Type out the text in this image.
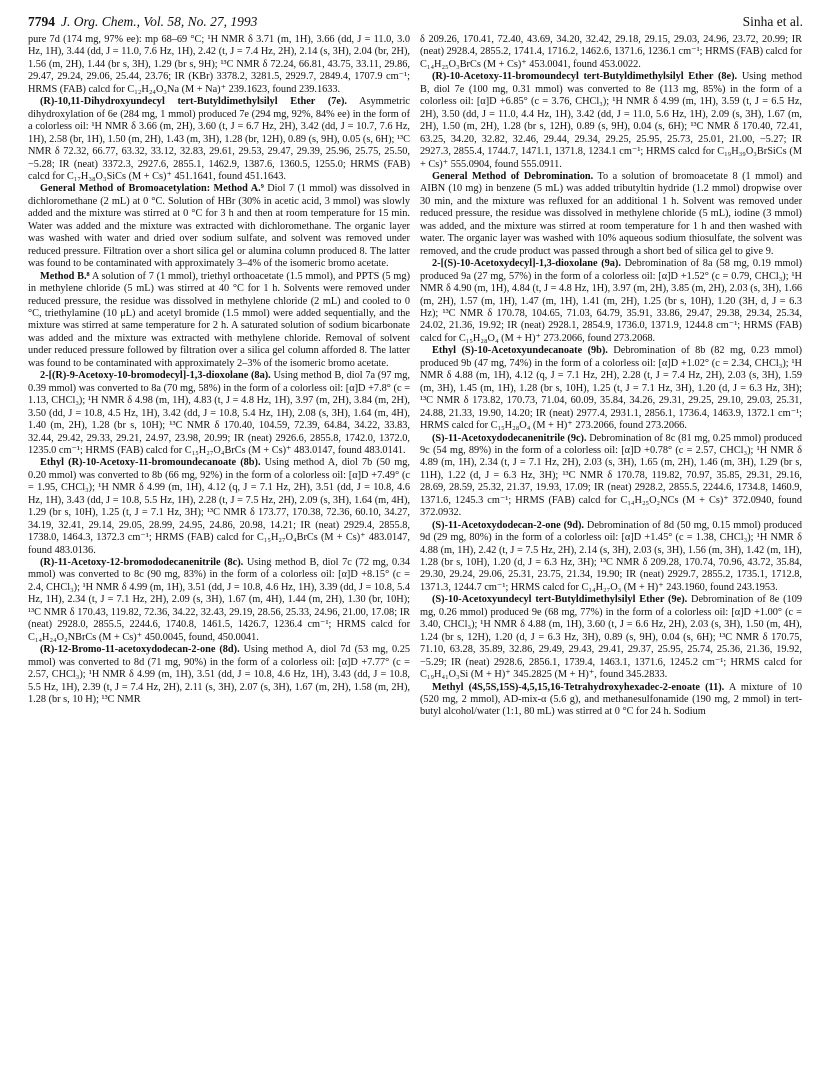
7794 J. Org. Chem., Vol. 58, No. 27, 1993	Sinha et al.

pure 7d (174 mg, 97% ee): mp 68–69 °C; ¹H NMR δ 3.71 (m, 1H), 3.66 (dd, J = 11.0, 3.0 Hz, 1H), 3.44 (dd, J = 11.0, 7.6 Hz, 1H), 2.42 (t, J = 7.4 Hz, 2H), 2.14 (s, 3H), 2.04 (br, 2H), 1.56 (m, 2H), 1.44 (br s, 3H), 1.29 (br s, 9H); ¹³C NMR δ 72.24, 66.81, 43.75, 33.11, 29.86, 29.47, 29.24, 29.06, 25.44, 23.76; IR (KBr) 3378.2, 3281.5, 2929.7, 2849.4, 1707.9 cm⁻¹; HRMS (FAB) calcd for C₁₂H₂₄O₃Na (M + Na)⁺ 239.1623, found 239.1633.

(R)-10,11-Dihydroxyundecyl tert-Butyldimethylsilyl Ether (7e). Asymmetric dihydroxylation of 6e (284 mg, 1 mmol) produced 7e (294 mg, 92%, 84% ee) in the form of a colorless oil: ¹H NMR δ 3.66 (m, 2H), 3.60 (t, J = 6.7 Hz, 2H), 3.42 (dd, J = 10.7, 7.6 Hz, 1H), 2.58 (br, 1H), 1.50 (m, 2H), 1.43 (m, 3H), 1.28 (br, 12H), 0.89 (s, 9H), 0.05 (s, 6H); ¹³C NMR δ 72.32, 66.77, 63.32, 33.12, 32.83, 29.61, 29.53, 29.47, 29.39, 25.96, 25.75, 25.50, −5.28; IR (neat) 3372.3, 2927.6, 2855.1, 1462.9, 1387.6, 1360.5, 1255.0; HRMS (FAB) calcd for C₁₇H₃₈O₃SiCs (M + Cs)⁺ 451.1641, found 451.1643.

General Method of Bromoacetylation: Method A.⁹ Diol 7 (1 mmol) was dissolved in dichloromethane (2 mL) at 0 °C. Solution of HBr (30% in acetic acid, 3 mmol) was slowly added and the mixture was stirred at 0 °C for 3 h and then at room temperature for 15 min. Water was added and the mixture was extracted with dichloromethane. The organic layer was washed with water and dried over sodium sulfate, and solvent was removed under reduced pressure. Filtration over a short silica gel or alumina column produced 8. The latter was found to be contaminated with approximately 3–4% of the isomeric bromo acetate.

Method B.⁸ A solution of 7 (1 mmol), triethyl orthoacetate (1.5 mmol), and PPTS (5 mg) in methylene chloride (5 mL) was stirred at 40 °C for 1 h. Solvents were removed under reduced pressure, the residue was dissolved in methylene chloride (2 mL) and cooled to 0 °C, triethylamine (10 μL) and acetyl bromide (1.5 mmol) were added sequentially, and the mixture was stirred at same temperature for 2 h. A saturated solution of sodium bicarbonate was added and the mixture was extracted with methylene chloride. Removal of solvent under reduced pressure followed by filtration over a silica gel column afforded 8. The latter was found to be contaminated with approximately 2–3% of the isomeric bromo acetate.

2-[(R)-9-Acetoxy-10-bromodecyl]-1,3-dioxolane (8a). Using method B, diol 7a (97 mg, 0.39 mmol) was converted to 8a (70 mg, 58%) in the form of a colorless oil: [α]D +7.8° (c = 1.13, CHCl₃); ¹H NMR δ 4.98 (m, 1H), 4.83 (t, J = 4.8 Hz, 1H), 3.97 (m, 2H), 3.84 (m, 2H), 3.50 (dd, J = 10.8, 4.5 Hz, 1H), 3.42 (dd, J = 10.8, 5.4 Hz, 1H), 2.08 (s, 3H), 1.64 (m, 4H), 1.40 (m, 2H), 1.28 (br s, 10H); ¹³C NMR δ 170.40, 104.59, 72.39, 64.84, 34.22, 33.83, 32.44, 29.42, 29.33, 29.21, 24.97, 23.98, 20.99; IR (neat) 2926.6, 2855.8, 1742.0, 1372.0, 1235.0 cm⁻¹; HRMS (FAB) calcd for C₁₅H₂₇O₄BrCs (M + Cs)⁺ 483.0147, found 483.0141.

Ethyl (R)-10-Acetoxy-11-bromoundecanoate (8b). Using method A, diol 7b (50 mg, 0.20 mmol) was converted to 8b (66 mg, 92%) in the form of a colorless oil: [α]D +7.49° (c = 1.95, CHCl₃); ¹H NMR δ 4.99 (m, 1H), 4.12 (q, J = 7.1 Hz, 2H), 3.51 (dd, J = 10.8, 4.6 Hz, 1H), 3.43 (dd, J = 10.8, 5.5 Hz, 1H), 2.28 (t, J = 7.5 Hz, 2H), 2.09 (s, 3H), 1.64 (m, 4H), 1.29 (br s, 10H), 1.25 (t, J = 7.1 Hz, 3H); ¹³C NMR δ 173.77, 170.38, 72.36, 60.10, 34.27, 34.19, 32.41, 29.14, 29.05, 28.99, 24.95, 24.86, 20.98, 14.21; IR (neat) 2929.4, 2855.8, 1738.0, 1464.3, 1372.3 cm⁻¹; HRMS (FAB) calcd for C₁₅H₂₇O₄BrCs (M + Cs)⁺ 483.0147, found 483.0136.

(R)-11-Acetoxy-12-bromododecanenitrile (8c). Using method B, diol 7c (72 mg, 0.34 mmol) was converted to 8c (90 mg, 83%) in the form of a colorless oil: [α]D +8.15° (c = 2.4, CHCl₃); ¹H NMR δ 4.99 (m, 1H), 3.51 (dd, J = 10.8, 4.6 Hz, 1H), 3.39 (dd, J = 10.8, 5.4 Hz, 1H), 2.34 (t, J = 7.1 Hz, 2H), 2.09 (s, 3H), 1.67 (m, 4H), 1.44 (m, 2H), 1.30 (br, 10H); ¹³C NMR δ 170.43, 119.82, 72.36, 34.22, 32.43, 29.19, 28.56, 25.33, 24.96, 21.00, 17.08; IR (neat) 2928.0, 2855.5, 2244.6, 1740.8, 1461.5, 1426.7, 1236.4 cm⁻¹; HRMS calcd for C₁₄H₂₄O₂NBrCs (M + Cs)⁺ 450.0045, found, 450.0041.

(R)-12-Bromo-11-acetoxydodecan-2-one (8d). Using method A, diol 7d (53 mg, 0.25 mmol) was converted to 8d (71 mg, 90%) in the form of a colorless oil: [α]D +7.77° (c = 2.57, CHCl₃); ¹H NMR δ 4.99 (m, 1H), 3.51 (dd, J = 10.8, 4.6 Hz, 1H), 3.43 (dd, J = 10.8, 5.5 Hz, 1H), 2.39 (t, J = 7.4 Hz, 2H), 2.11 (s, 3H), 2.07 (s, 3H), 1.67 (m, 2H), 1.58 (m, 2H), 1.28 (br s, 10 H); ¹³C NMR

δ 209.26, 170.41, 72.40, 43.69, 34.20, 32.42, 29.18, 29.15, 29.03, 24.96, 23.72, 20.99; IR (neat) 2928.4, 2855.2, 1741.4, 1716.2, 1462.6, 1371.6, 1236.1 cm⁻¹; HRMS (FAB) calcd for C₁₄H₂₅O₃BrCs (M + Cs)⁺ 453.0041, found 453.0022.

(R)-10-Acetoxy-11-bromoundecyl tert-Butyldimethylsilyl Ether (8e). Using method B, diol 7e (100 mg, 0.31 mmol) was converted to 8e (113 mg, 85%) in the form of a colorless oil: [α]D +6.85° (c = 3.76, CHCl₃); ¹H NMR δ 4.99 (m, 1H), 3.59 (t, J = 6.5 Hz, 2H), 3.50 (dd, J = 11.0, 4.4 Hz, 1H), 3.42 (dd, J = 11.0, 5.6 Hz, 1H), 2.09 (s, 3H), 1.67 (m, 2H), 1.50 (m, 2H), 1.28 (br s, 12H), 0.89 (s, 9H), 0.04 (s, 6H); ¹³C NMR δ 170.40, 72.41, 63.25, 34.20, 32.82, 32.46, 29.44, 29.34, 29.25, 25.95, 25.73, 25.01, 21.00, −5.27; IR 2927.3, 2855.4, 1744.7, 1471.1, 1371.8, 1234.1 cm⁻¹; HRMS calcd for C₁₉H₃₉O₃BrSiCs (M + Cs)⁺ 555.0904, found 555.0911.

General Method of Debromination. To a solution of bromoacetate 8 (1 mmol) and AIBN (10 mg) in benzene (5 mL) was added tributyltin hydride (1.2 mmol) dropwise over 30 min, and the mixture was refluxed for an additional 1 h. Solvent was removed under reduced pressure, the residue was dissolved in methylene chloride (5 mL), iodine (3 mmol) was added, and the mixture was stirred at room temperature for 1 h and then washed with water. The organic layer was washed with 10% aqueous sodium thiosulfate, the solvent was removed, and the crude product was passed through a short bed of silica gel to give 9.

2-[(S)-10-Acetoxydecyl]-1,3-dioxolane (9a). Debromination of 8a (58 mg, 0.19 mmol) produced 9a (27 mg, 57%) in the form of a colorless oil: [α]D +1.52° (c = 0.79, CHCl₃); ¹H NMR δ 4.90 (m, 1H), 4.84 (t, J = 4.8 Hz, 1H), 3.97 (m, 2H), 3.85 (m, 2H), 2.03 (s, 3H), 1.66 (m, 2H), 1.57 (m, 1H), 1.47 (m, 1H), 1.41 (m, 2H), 1.25 (br s, 10H), 1.20 (3H, d, J = 6.3 Hz); ¹³C NMR δ 170.78, 104.65, 71.03, 64.79, 35.91, 33.86, 29.47, 29.38, 29.34, 25.34, 24.02, 21.36, 19.92; IR (neat) 2928.1, 2854.9, 1736.0, 1371.9, 1244.8 cm⁻¹; HRMS (FAB) calcd for C₁₅H₂₈O₄ (M + H)⁺ 273.2066, found 273.2068.

Ethyl (S)-10-Acetoxyundecanoate (9b). Debromination of 8b (82 mg, 0.23 mmol) produced 9b (47 mg, 74%) in the form of a colorless oil: [α]D +1.02° (c = 2.34, CHCl₃); ¹H NMR δ 4.88 (m, 1H), 4.12 (q, J = 7.1 Hz, 2H), 2.28 (t, J = 7.4 Hz, 2H), 2.03 (s, 3H), 1.59 (m, 3H), 1.45 (m, 1H), 1.28 (br s, 10H), 1.25 (t, J = 7.1 Hz, 3H), 1.20 (d, J = 6.3 Hz, 3H); ¹³C NMR δ 173.82, 170.73, 71.04, 60.09, 35.84, 34.26, 29.31, 29.25, 29.10, 29.03, 25.31, 24.88, 21.33, 19.90, 14.20; IR (neat) 2977.4, 2931.1, 2856.1, 1736.4, 1463.9, 1372.1 cm⁻¹; HRMS calcd for C₁₅H₂₈O₄ (M + H)⁺ 273.2066, found 273.2066.

(S)-11-Acetoxydodecanenitrile (9c). Debromination of 8c (81 mg, 0.25 mmol) produced 9c (54 mg, 89%) in the form of a colorless oil: [α]D +0.78° (c = 2.57, CHCl₃); ¹H NMR δ 4.89 (m, 1H), 2.34 (t, J = 7.1 Hz, 2H), 2.03 (s, 3H), 1.65 (m, 2H), 1.46 (m, 3H), 1.29 (br s, 11H), 1.22 (d, J = 6.3 Hz, 3H); ¹³C NMR δ 170.78, 119.82, 70.97, 35.85, 29.31, 29.16, 28.69, 28.59, 25.32, 21.37, 19.93, 17.09; IR (neat) 2928.2, 2855.5, 2244.6, 1734.8, 1460.9, 1371.6, 1245.3 cm⁻¹; HRMS (FAB) calcd for C₁₄H₂₅O₂NCs (M + Cs)⁺ 372.0940, found 372.0932.

(S)-11-Acetoxydodecan-2-one (9d). Debromination of 8d (50 mg, 0.15 mmol) produced 9d (29 mg, 80%) in the form of a colorless oil: [α]D +1.45° (c = 1.38, CHCl₃); ¹H NMR δ 4.88 (m, 1H), 2.42 (t, J = 7.5 Hz, 2H), 2.14 (s, 3H), 2.03 (s, 3H), 1.56 (m, 3H), 1.42 (m, 1H), 1.28 (br s, 10H), 1.20 (d, J = 6.3 Hz, 3H); ¹³C NMR δ 209.28, 170.74, 70.96, 43.72, 35.84, 29.30, 29.24, 29.06, 25.31, 23.75, 21.34, 19.90; IR (neat) 2929.7, 2855.2, 1735.1, 1712.8, 1371.3, 1244.7 cm⁻¹; HRMS calcd for C₁₄H₂₇O₃ (M + H)⁺ 243.1960, found 243.1953.

(S)-10-Acetoxyundecyl tert-Butyldimethylsilyl Ether (9e). Debromination of 8e (109 mg, 0.26 mmol) produced 9e (68 mg, 77%) in the form of a colorless oil: [α]D +1.00° (c = 3.40, CHCl₃); ¹H NMR δ 4.88 (m, 1H), 3.60 (t, J = 6.6 Hz, 2H), 2.03 (s, 3H), 1.50 (m, 4H), 1.24 (br s, 12H), 1.20 (d, J = 6.3 Hz, 3H), 0.89 (s, 9H), 0.04 (s, 6H); ¹³C NMR δ 170.75, 71.10, 63.28, 35.89, 32.86, 29.49, 29.43, 29.41, 29.37, 25.95, 25.74, 25.36, 21.36, 19.92, −5.29; IR (neat) 2928.6, 2856.1, 1739.4, 1463.1, 1371.6, 1245.2 cm⁻¹; HRMS calcd for C₁₉H₄₁O₃Si (M + H)⁺ 345.2825 (M + H)⁺, found 345.2833.

Methyl (4S,5S,15S)-4,5,15,16-Tetrahydroxyhexadec-2-enoate (11). A mixture of 10 (520 mg, 2 mmol), AD-mix-α (5.6 g), and methanesulfonamide (190 mg, 2 mmol) in tert-butyl alcohol/water (1:1, 80 mL) was stirred at 0 °C for 24 h. Sodium
